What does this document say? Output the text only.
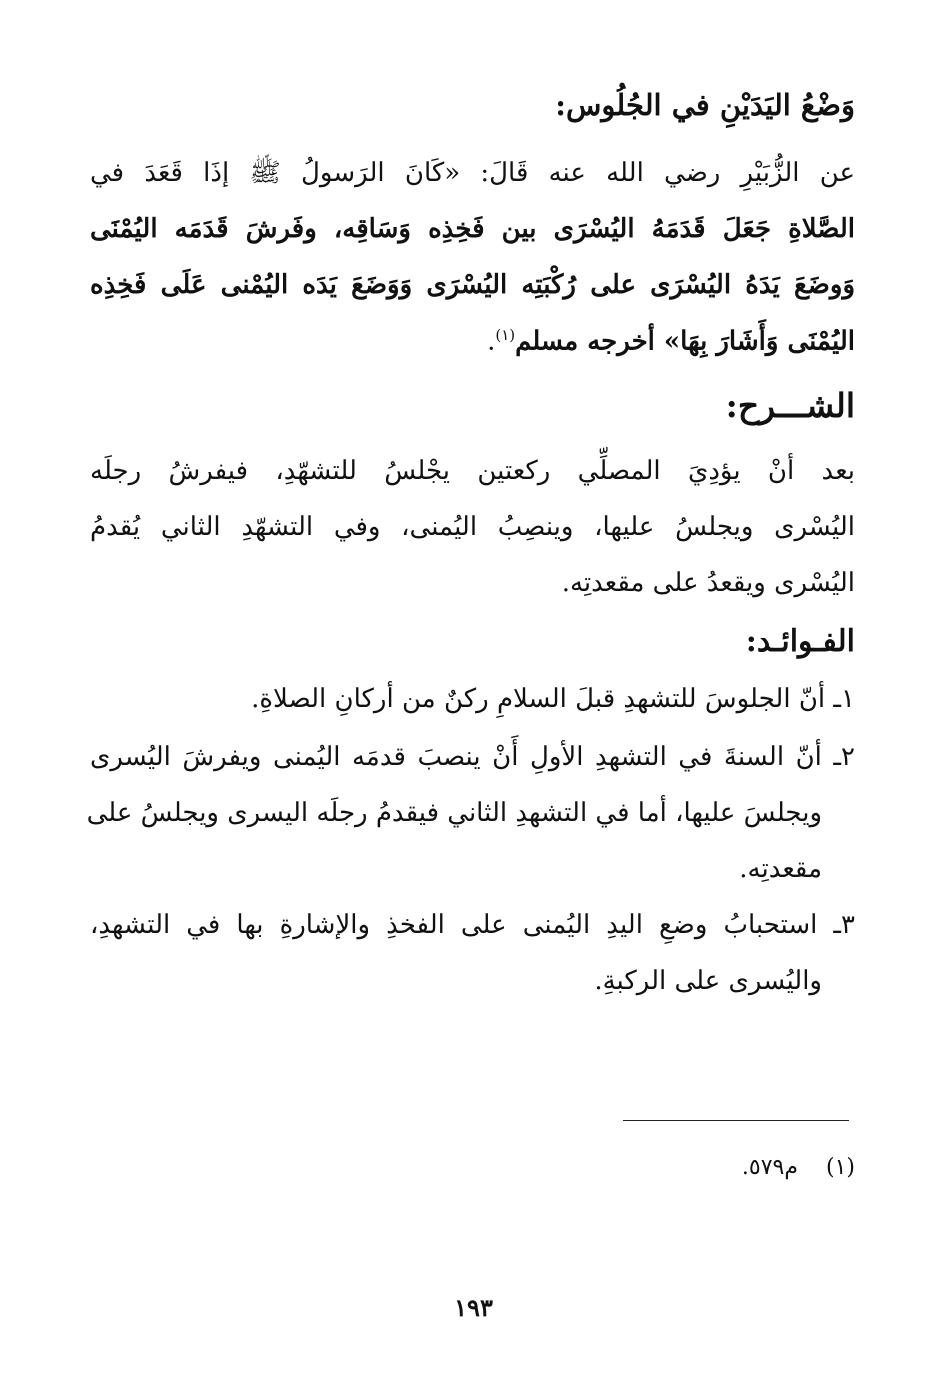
وَضْعُ اليَدَيْنِ في الجُلُوس:
عن الزُّبَيْرِ رضي الله عنه قَالَ: «كَانَ الرَسولُ ﷺ إذَا قَعَدَ في
الصَّلاةِ جَعَلَ قَدَمَهُ اليُسْرَى بين فَخِذِه وَسَاقِه، وفَرشَ قَدَمَه اليُمْنَى
وَوضَعَ يَدَهُ اليُسْرَى على رُكْبَتِه اليُسْرَى وَوَضَعَ يَدَه اليُمْنى عَلَى فَخِذِه
اليُمْنَى وَأَشَارَ بِهَا» أخرجه مسلم$^{(١)}$.
الشـــرح:
بعد أنْ يؤدِيَ المصلِّي ركعتين يجْلسُ للتشهّدِ، فيفرشُ رجلَه
اليُسْرى ويجلسُ عليها، وينصِبُ اليُمنى، وفي التشهّدِ الثاني يُقدمُ
اليُسْرى ويقعدُ على مقعدتِه.
الفـوائـد:
١ـ أنّ الجلوسَ للتشهدِ قبلَ السلامِ ركنٌ من أركانِ الصلاةِ.
٢ـ أنّ السنةَ في التشهدِ الأولِ أَنْ ينصبَ قدمَه اليُمنى ويفرشَ اليُسرى
ويجلسَ عليها، أما في التشهدِ الثاني فيقدمُ رجلَه اليسرى ويجلسُ على
مقعدتِه.
٣ـ استحبابُ وضعِ اليدِ اليُمنى على الفخذِ والإشارةِ بها في التشهدِ،
واليُسرى على الركبةِ.
(١)  م٥٧٩.
١٩٣
